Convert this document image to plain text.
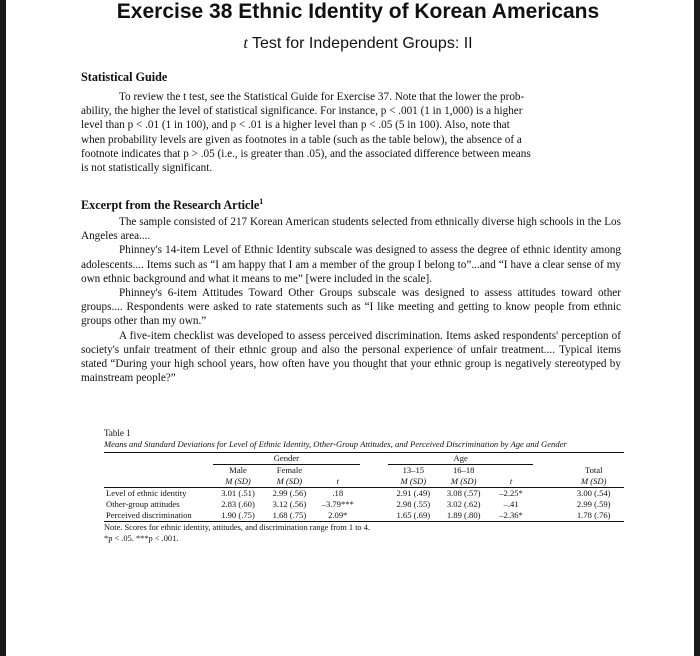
Exercise 38 Ethnic Identity of Korean Americans
t Test for Independent Groups: II
Statistical Guide

To review the t test, see the Statistical Guide for Exercise 37. Note that the lower the prob-

ability, the higher the level of statistical significance. For instance, p < .001 (1 in 1,000) is a higher

level than p < .01 (1 in 100), and p < .01 is a higher level than p < .05 (5 in 100). Also, note that

when probability levels are given as footnotes in a table (such as the table below), the absence of a

footnote indicates that p > .05 (i.e., is greater than .05), and the associated difference between means

is not statistically significant.

Excerpt from the Research Article$^1$

The sample consisted of 217 Korean American students selected from ethnically diverse high schools in the Los Angeles area....

Phinney's 14-item Level of Ethnic Identity subscale was designed to assess the degree of ethnic identity among adolescents.... Items such as “I am happy that I am a member of the group I belong to”...and “I have a clear sense of my own ethnic background and what it means to me” [were included in the scale].

Phinney's 6-item Attitudes Toward Other Groups subscale was designed to assess attitudes toward other groups.... Respondents were asked to rate statements such as “I like meeting and getting to know people from ethnic groups other than my own.”

A five-item checklist was developed to assess perceived discrimination. Items asked respondents' perception of society's unfair treatment of their ethnic group and also the personal experience of unfair treatment.... Typical items stated “During your high school years, how often have you thought that your ethnic group is negatively stereotyped by mainstream people?”

Table 1
Means and Standard Deviations for Level of Ethnic Identity, Other-Group Attitudes, and Perceived Discrimination by Age and Gender
	Gender				Age				
	Male	Female			13–15	16–18			Total
	M (SD)	M (SD)	t		M (SD)	M (SD)	t		M (SD)
Level of ethnic identity	3.01 (.51)	2.99 (.56)	.18		2.91 (.49)	3.08 (.57)	–2.25*		3.00 (.54)
Other-group attitudes	2.83 (.60)	3.12 (.56)	–3.79***		2.98 (.55)	3.02 (.62)	–.41		2.99 (.59)
Perceived discrimination	1.90 (.75)	1.68 (.75)	2.09*		1.65 (.69)	1.89 (.80)	–2.36*		1.78 (.76)
Note. Scores for ethnic identity, attitudes, and discrimination range from 1 to 4.
*p < .05. ***p < .001.
